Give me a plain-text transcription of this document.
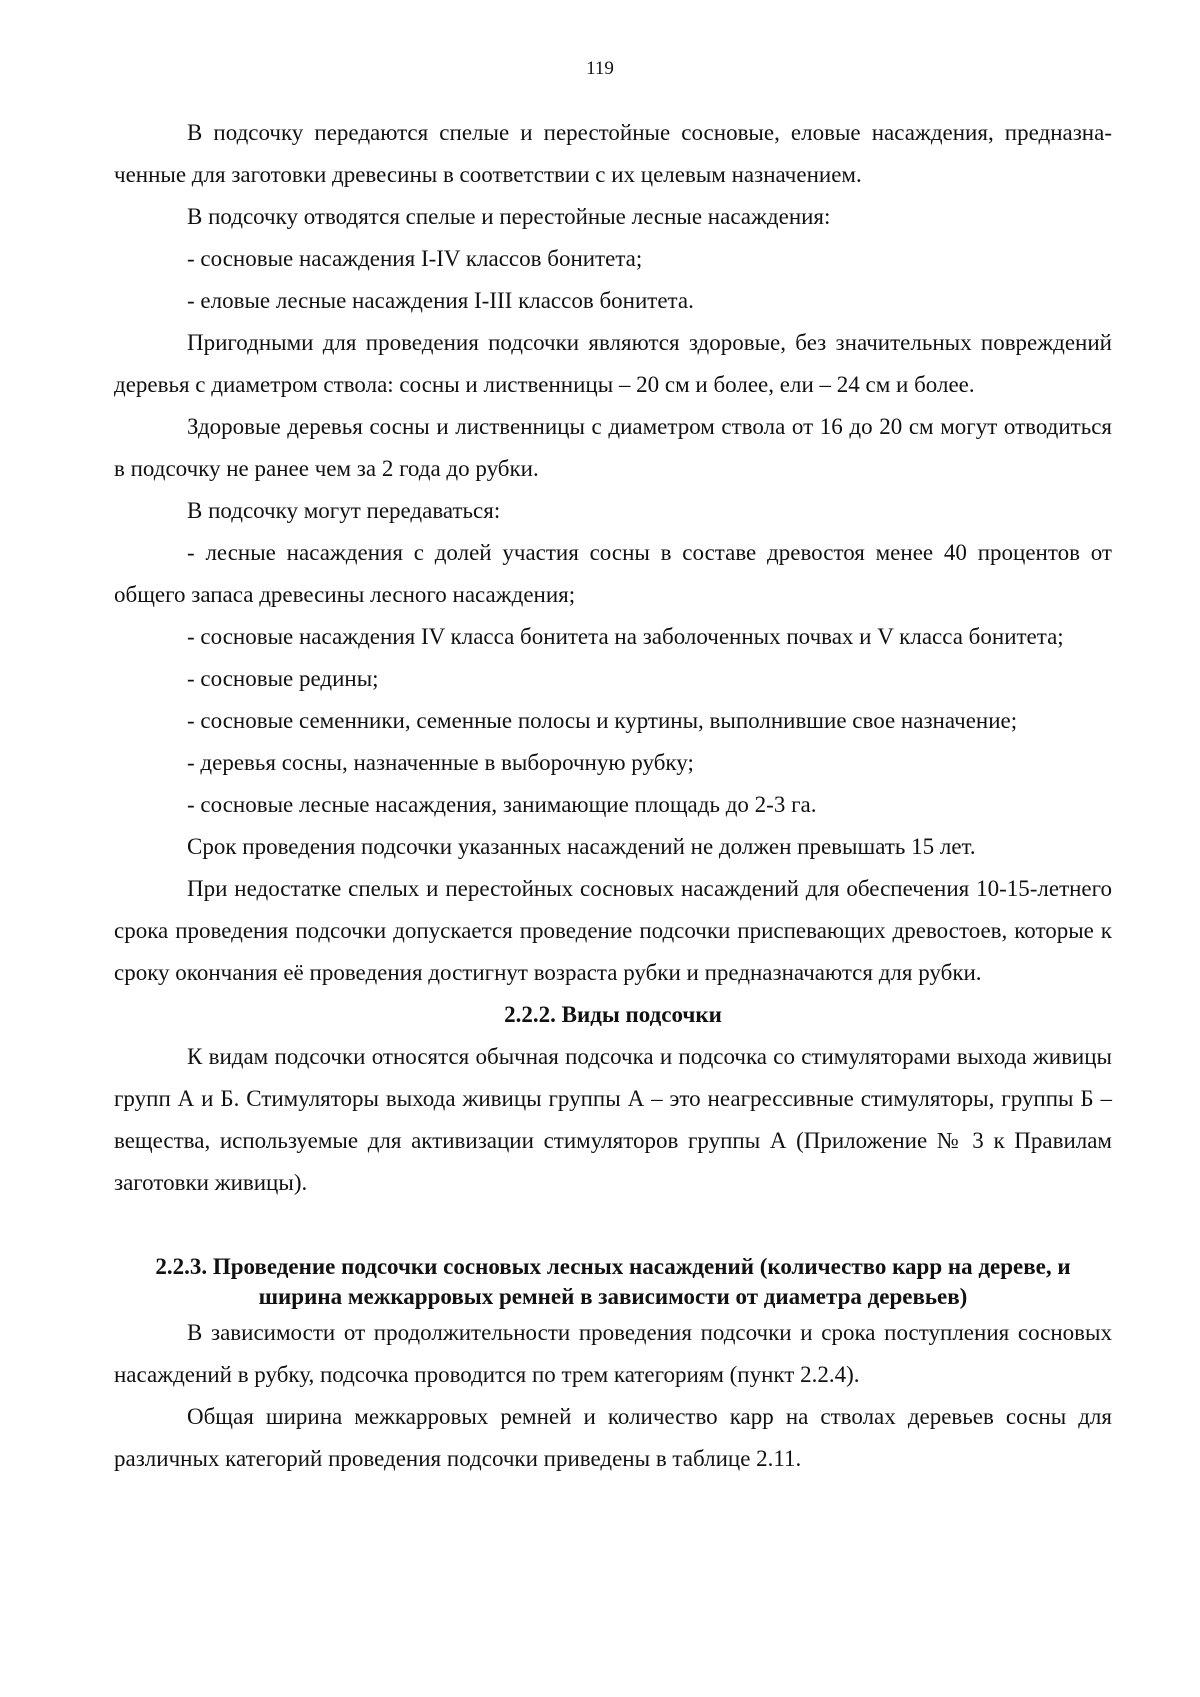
119

В подсочку передаются спелые и перестойные сосновые, еловые насаждения, предназначенные для заготовки древесины в соответствии с их целевым назначением.

В подсочку отводятся спелые и перестойные лесные насаждения:

- сосновые насаждения I-IV классов бонитета;

- еловые лесные насаждения I-III классов бонитета.

Пригодными для проведения подсочки являются здоровые, без значительных повреждений деревья с диаметром ствола: сосны и лиственницы – 20 см и более, ели – 24 см и более.

Здоровые деревья сосны и лиственницы с диаметром ствола от 16 до 20 см могут отводиться в подсочку не ранее чем за 2 года до рубки.

В подсочку могут передаваться:

- лесные насаждения с долей участия сосны в составе древостоя менее 40 процентов от общего запаса древесины лесного насаждения;

- сосновые насаждения IV класса бонитета на заболоченных почвах и V класса бонитета;

- сосновые редины;

- сосновые семенники, семенные полосы и куртины, выполнившие свое назначение;

- деревья сосны, назначенные в выборочную рубку;

- сосновые лесные насаждения, занимающие площадь до 2-3 га.

Срок проведения подсочки указанных насаждений не должен превышать 15 лет.

При недостатке спелых и перестойных сосновых насаждений для обеспечения 10-15-летнего срока проведения подсочки допускается проведение подсочки приспевающих древостоев, которые к сроку окончания её проведения достигнут возраста рубки и предназначаются для рубки.

2.2.2. Виды подсочки

К видам подсочки относятся обычная подсочка и подсочка со стимуляторами выхода живицы групп А и Б. Стимуляторы выхода живицы группы А – это неагрессивные стимуляторы, группы Б – вещества, используемые для активизации стимуляторов группы А (Приложение № 3 к Правилам заготовки живицы).

2.2.3. Проведение подсочки сосновых лесных насаждений (количество карр на дереве, и
ширина межкарровых ремней в зависимости от диаметра деревьев)

В зависимости от продолжительности проведения подсочки и срока поступления сосновых насаждений в рубку, подсочка проводится по трем категориям (пункт 2.2.4).

Общая ширина межкарровых ремней и количество карр на стволах деревьев сосны для различных категорий проведения подсочки приведены в таблице 2.11.
